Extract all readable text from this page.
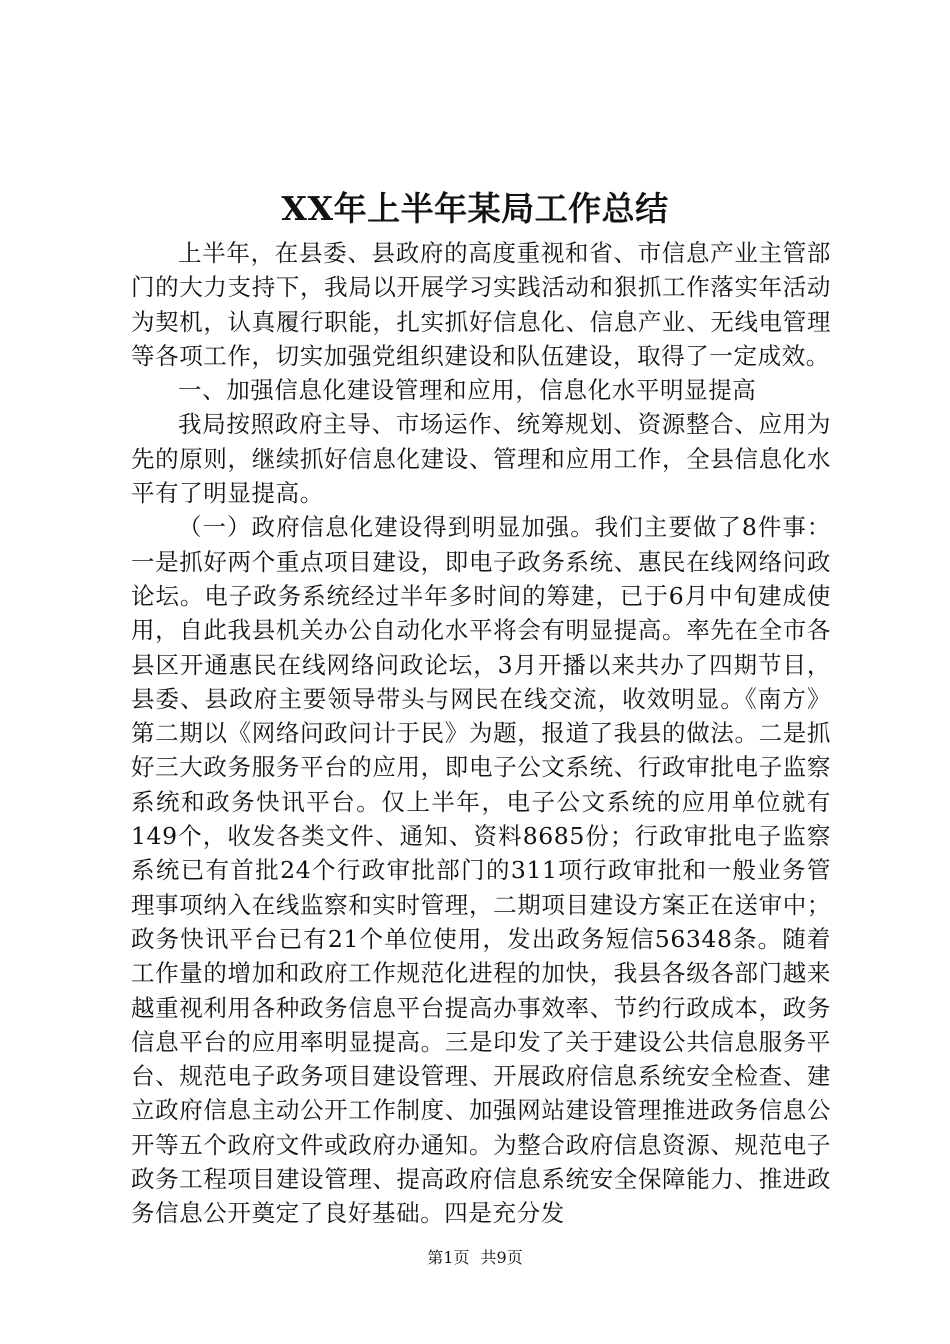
XX年上半年某局工作总结

上半年，在县委、县政府的高度重视和省、市信息产业主管部门的大力支持下，我局以开展学习实践活动和狠抓工作落实年活动为契机，认真履行职能，扎实抓好信息化、信息产业、无线电管理等各项工作，切实加强党组织建设和队伍建设，取得了一定成效。

一、加强信息化建设管理和应用，信息化水平明显提高

我局按照政府主导、市场运作、统筹规划、资源整合、应用为先的原则，继续抓好信息化建设、管理和应用工作，全县信息化水平有了明显提高。

（一）政府信息化建设得到明显加强。我们主要做了8件事：一是抓好两个重点项目建设，即电子政务系统、惠民在线网络问政论坛。电子政务系统经过半年多时间的筹建，已于6月中旬建成使用，自此我县机关办公自动化水平将会有明显提高。率先在全市各县区开通惠民在线网络问政论坛，3月开播以来共办了四期节目，县委、县政府主要领导带头与网民在线交流，收效明显。《南方》第二期以《网络问政问计于民》为题，报道了我县的做法。二是抓好三大政务服务平台的应用，即电子公文系统、行政审批电子监察系统和政务快讯平台。仅上半年，电子公文系统的应用单位就有149个，收发各类文件、通知、资料8685份；行政审批电子监察系统已有首批24个行政审批部门的311项行政审批和一般业务管理事项纳入在线监察和实时管理，二期项目建设方案正在送审中；政务快讯平台已有21个单位使用，发出政务短信56348条。随着工作量的增加和政府工作规范化进程的加快，我县各级各部门越来越重视利用各种政务信息平台提高办事效率、节约行政成本，政务信息平台的应用率明显提高。三是印发了关于建设公共信息服务平台、规范电子政务项目建设管理、开展政府信息系统安全检查、建立政府信息主动公开工作制度、加强网站建设管理推进政务信息公开等五个政府文件或政府办通知。为整合政府信息资源、规范电子政务工程项目建设管理、提高政府信息系统安全保障能力、推进政务信息公开奠定了良好基础。四是充分发

第1页 共9页
